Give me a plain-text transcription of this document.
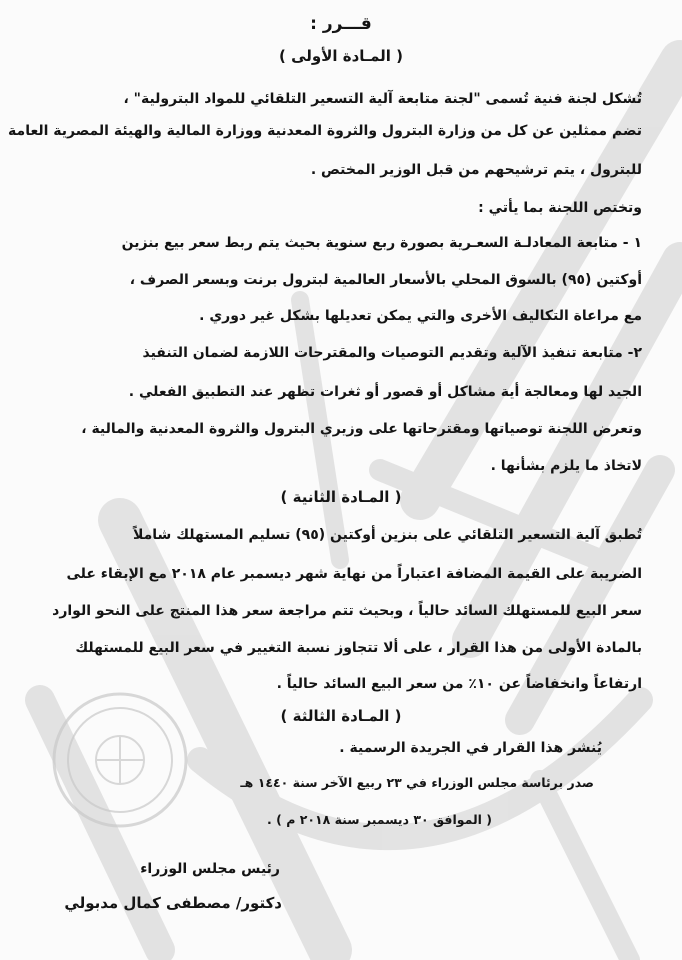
قـــرر :
( المـادة الأولى )
تُشكل لجنة فنية تُسمى "لجنة متابعة آلية التسعير التلقائي للمواد البترولية" ،
تضم ممثلين عن كل من وزارة البترول والثروة المعدنية ووزارة المالية والهيئة المصرية العامة
للبترول ، يتم ترشيحهم من قبل الوزير المختص .
وتختص اللجنة بما يأتي :
١ - متابعة المعادلـة السعـرية بصورة ربع سنوية بحيث يتم ربط سعر بيع بنزين
أوكتين (٩٥) بالسوق المحلي بالأسعار العالمية لبترول برنت وبسعر الصرف ،
مع مراعاة التكاليف الأخرى والتي يمكن تعديلها بشكل غير دوري .
٢- متابعة تنفيذ الآلية وتقديم التوصيات والمقترحات اللازمة لضمان التنفيذ
الجيد لها ومعالجة أية مشاكل أو قصور أو ثغرات تظهر عند التطبيق الفعلي .
وتعرض اللجنة توصياتها ومقترحاتها على وزيري البترول والثروة المعدنية والمالية ،
لاتخاذ ما يلزم بشأنها .
( المـادة الثانية )
تُطبق آلية التسعير التلقائي على بنزين أوكتين (٩٥) تسليم المستهلك شاملاً
الضريبة على القيمة المضافة اعتباراً من نهاية شهر ديسمبر عام ٢٠١٨ مع الإبقاء على
سعر البيع للمستهلك السائد حالياً ، وبحيث تتم مراجعة سعر هذا المنتج على النحو الوارد
بالمادة الأولى من هذا القرار ، على ألا تتجاوز نسبة التغيير في سعر البيع للمستهلك
ارتفاعاً وانخفاضاً عن ١٠٪ من سعر البيع السائد حالياً .
( المـادة الثالثة )
يُنشر هذا القرار في الجريدة الرسمية .
صدر برئاسة مجلس الوزراء في ٢٣ ربيع الآخر سنة ١٤٤٠ هـ
( الموافق ٣٠ ديسمبر سنة ٢٠١٨ م ) .
رئيس مجلس الوزراء
دكتور/ مصطفى كمال مدبولي
